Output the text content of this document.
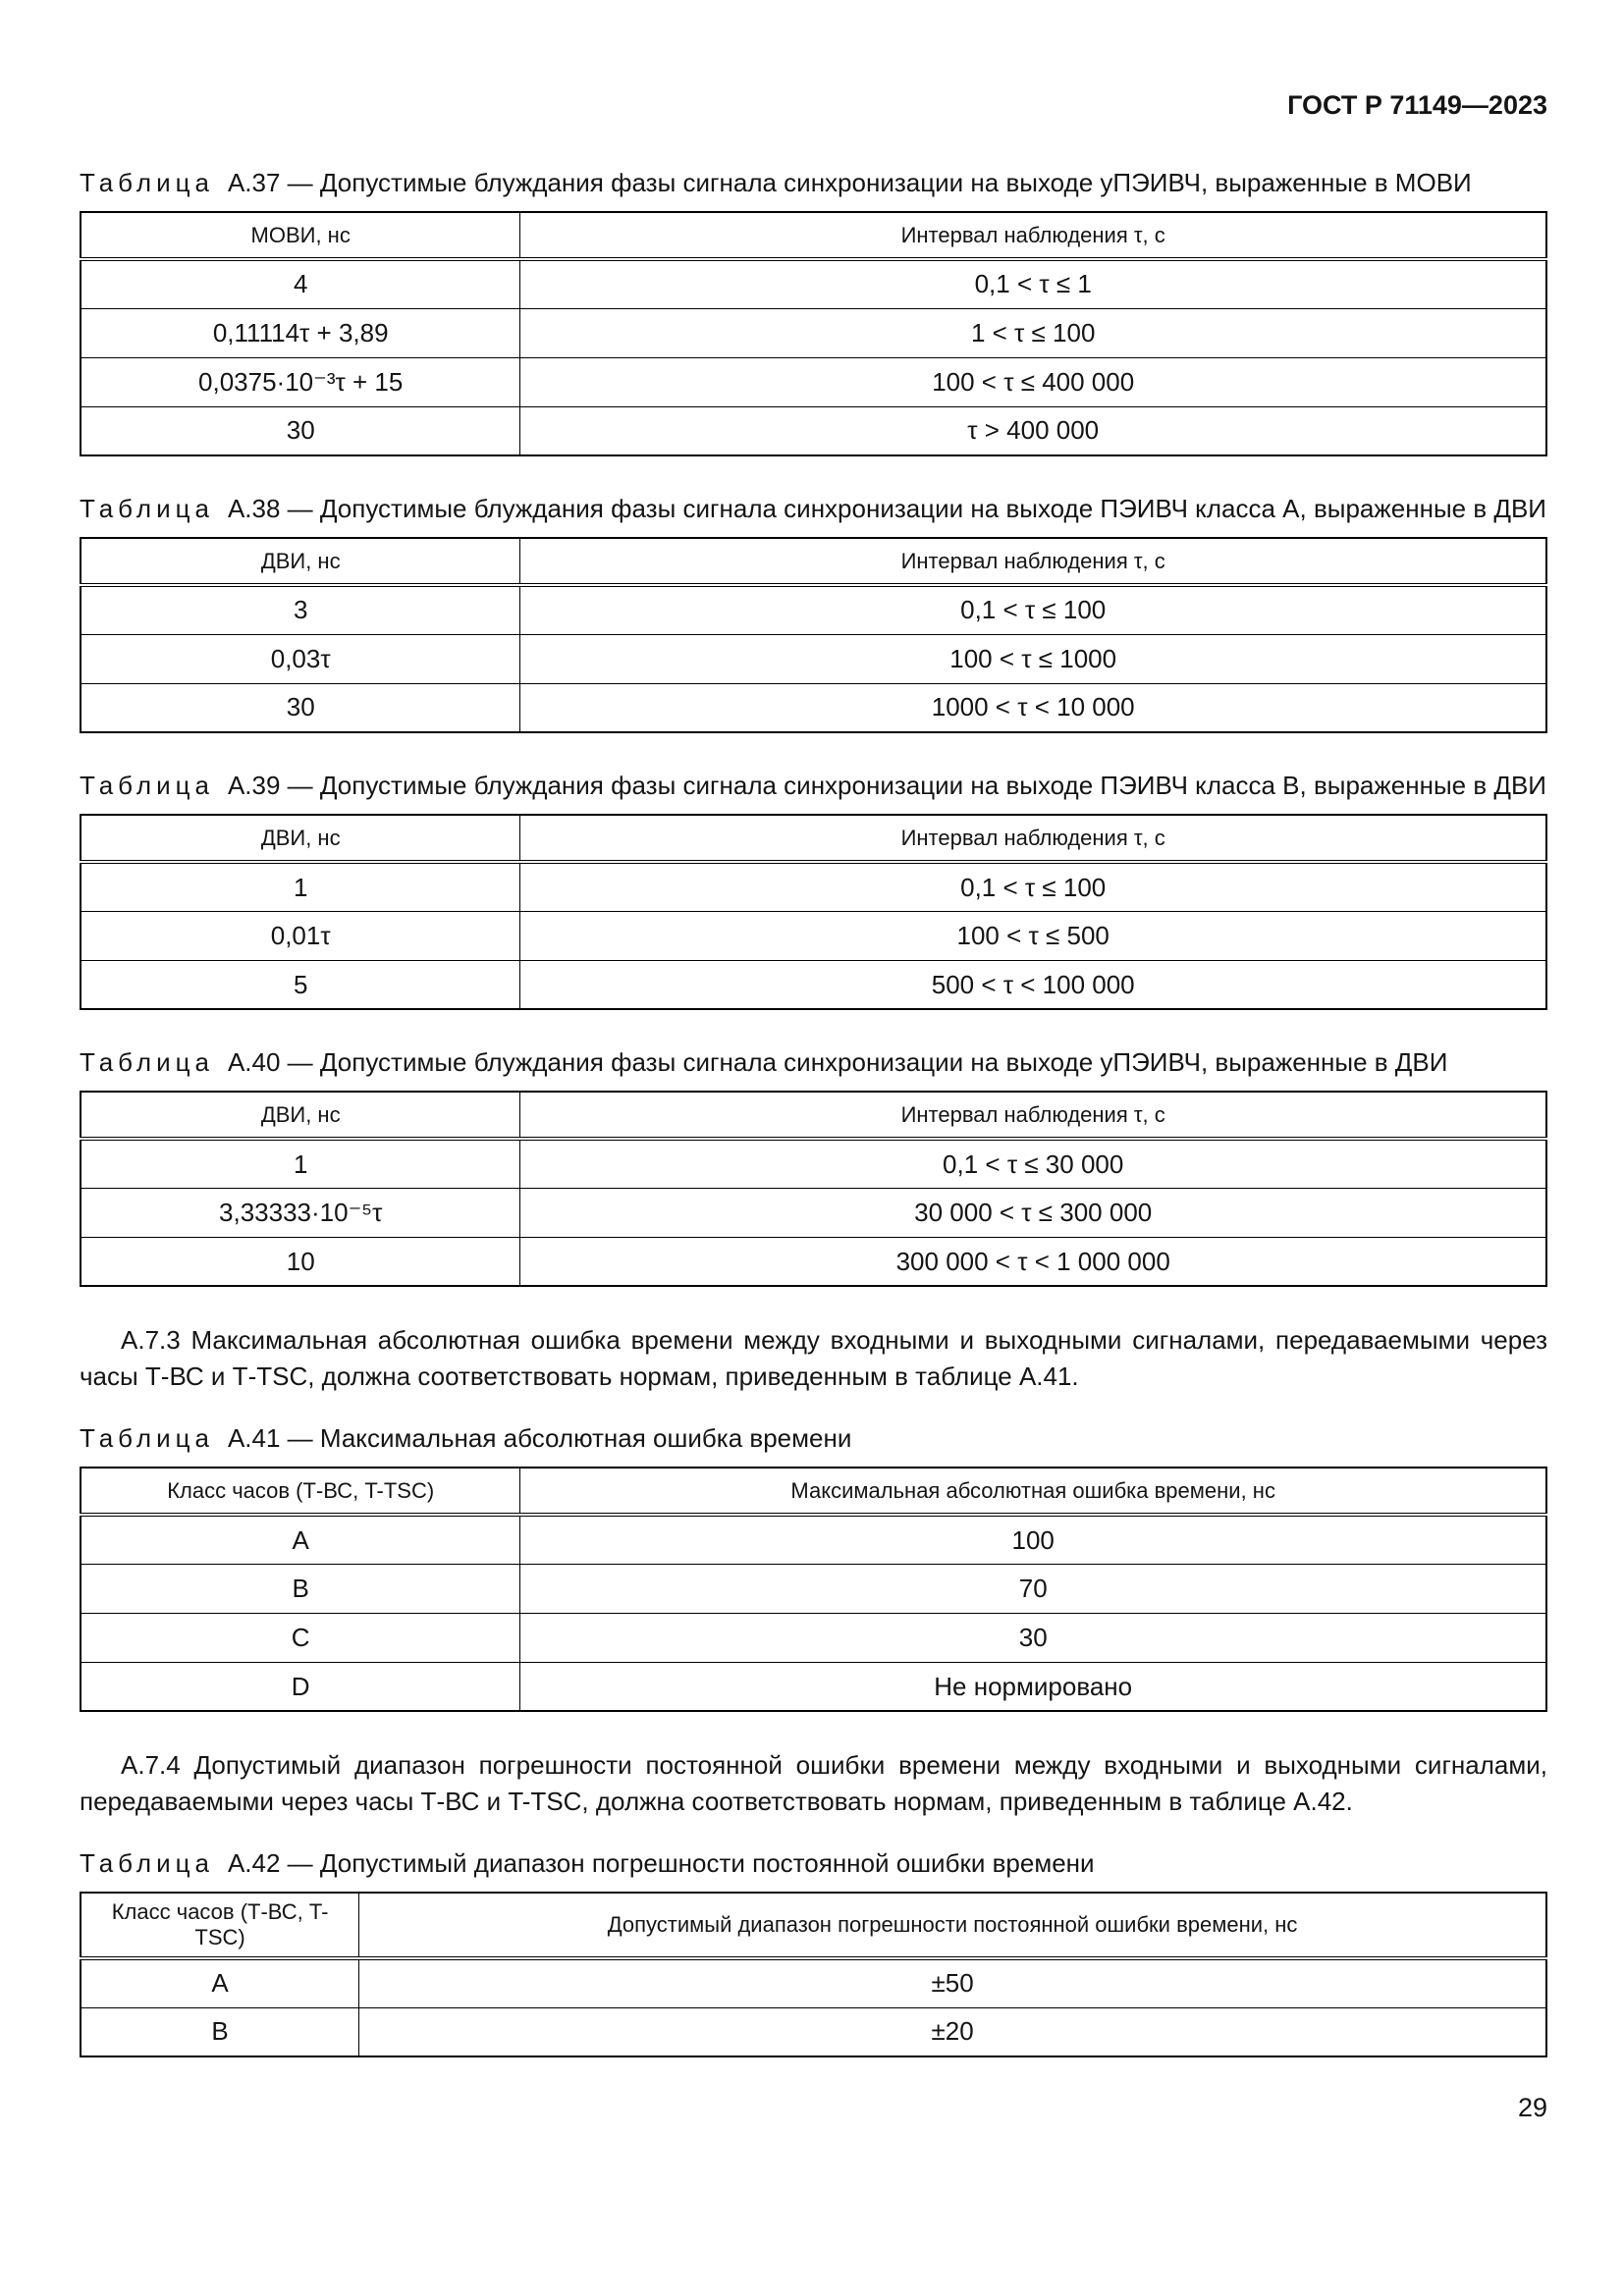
ГОСТ Р 71149—2023

Таблица А.37 — Допустимые блуждания фазы сигнала синхронизации на выходе уПЭИВЧ, выраженные в МОВИ

МОВИ, нс	Интервал наблюдения τ, с
4	0,1 < τ ≤ 1
0,11114τ + 3,89	1 < τ ≤ 100
0,0375·10⁻³τ + 15	100 < τ ≤ 400 000
30	τ > 400 000

Таблица А.38 — Допустимые блуждания фазы сигнала синхронизации на выходе ПЭИВЧ класса А, выраженные в ДВИ

ДВИ, нс	Интервал наблюдения τ, с
3	0,1 < τ ≤ 100
0,03τ	100 < τ ≤ 1000
30	1000 < τ < 10 000

Таблица А.39 — Допустимые блуждания фазы сигнала синхронизации на выходе ПЭИВЧ класса В, выраженные в ДВИ

ДВИ, нс	Интервал наблюдения τ, с
1	0,1 < τ ≤ 100
0,01τ	100 < τ ≤ 500
5	500 < τ < 100 000

Таблица А.40 — Допустимые блуждания фазы сигнала синхронизации на выходе уПЭИВЧ, выраженные в ДВИ

ДВИ, нс	Интервал наблюдения τ, с
1	0,1 < τ ≤ 30 000
3,33333·10⁻⁵τ	30 000 < τ ≤ 300 000
10	300 000 < τ < 1 000 000

А.7.3 Максимальная абсолютная ошибка времени между входными и выходными сигналами, передаваемыми через часы Т-ВС и Т-TSC, должна соответствовать нормам, приведенным в таблице А.41.

Таблица А.41 — Максимальная абсолютная ошибка времени

Класс часов (Т-ВС, T-TSC)	Максимальная абсолютная ошибка времени, нс
A	100
B	70
C	30
D	Не нормировано

А.7.4 Допустимый диапазон погрешности постоянной ошибки времени между входными и выходными сигналами, передаваемыми через часы Т-ВС и T-TSC, должна соответствовать нормам, приведенным в таблице А.42.

Таблица А.42 — Допустимый диапазон погрешности постоянной ошибки времени

Класс часов (Т-ВС, T-TSC)	Допустимый диапазон погрешности постоянной ошибки времени, нс
A	±50
B	±20
29
